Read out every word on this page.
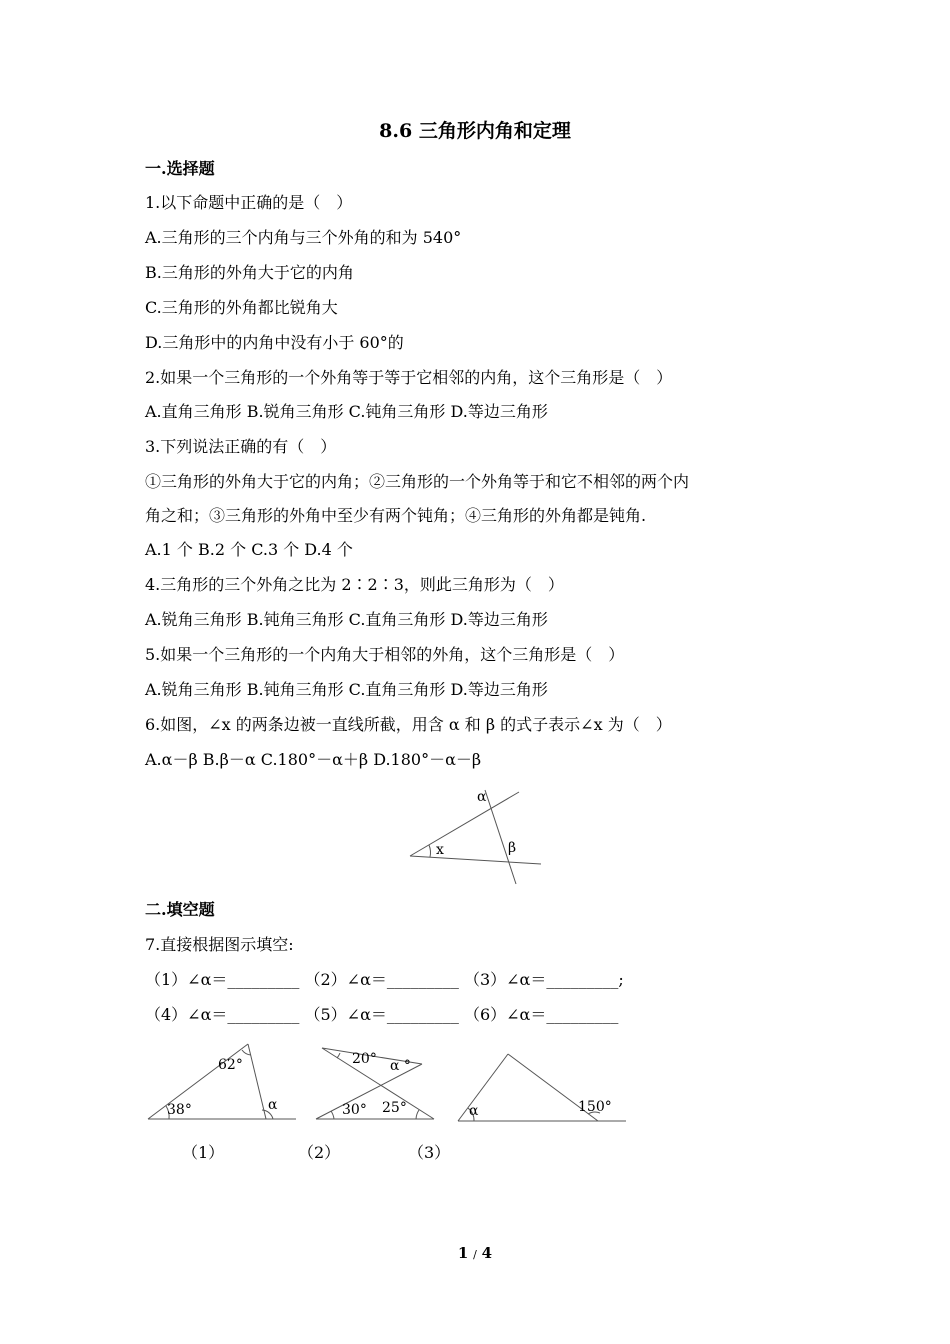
8.6 三角形内角和定理
一.选择题
1.以下命题中正确的是（　）
A.三角形的三个内角与三个外角的和为 540°
B.三角形的外角大于它的内角
C.三角形的外角都比锐角大
D.三角形中的内角中没有小于 60°的
2.如果一个三角形的一个外角等于等于它相邻的内角，这个三角形是（　）
A.直角三角形 B.锐角三角形 C.钝角三角形 D.等边三角形
3.下列说法正确的有（　）
①三角形的外角大于它的内角；②三角形的一个外角等于和它不相邻的两个内
角之和；③三角形的外角中至少有两个钝角；④三角形的外角都是钝角.
A.1 个 B.2 个 C.3 个 D.4 个
4.三角形的三个外角之比为 2∶2∶3，则此三角形为（　）
A.锐角三角形 B.钝角三角形 C.直角三角形 D.等边三角形
5.如果一个三角形的一个内角大于相邻的外角，这个三角形是（　）
A.锐角三角形 B.钝角三角形 C.直角三角形 D.等边三角形
6.如图，∠x 的两条边被一直线所截，用含 α 和 β 的式子表示∠x 为（　）
A.α－β B.β－α C.180°－α＋β D.180°－α－β
α
β
x
二.填空题
7.直接根据图示填空:
（1）∠α＝_________ （2）∠α＝_________ （3）∠α＝_________;
（4）∠α＝_________ （5）∠α＝_________ （6）∠α＝_________
62°
38°	α
20° α °
30° 25°	α	150°
（1）	（2）	（3）
1 / 4
